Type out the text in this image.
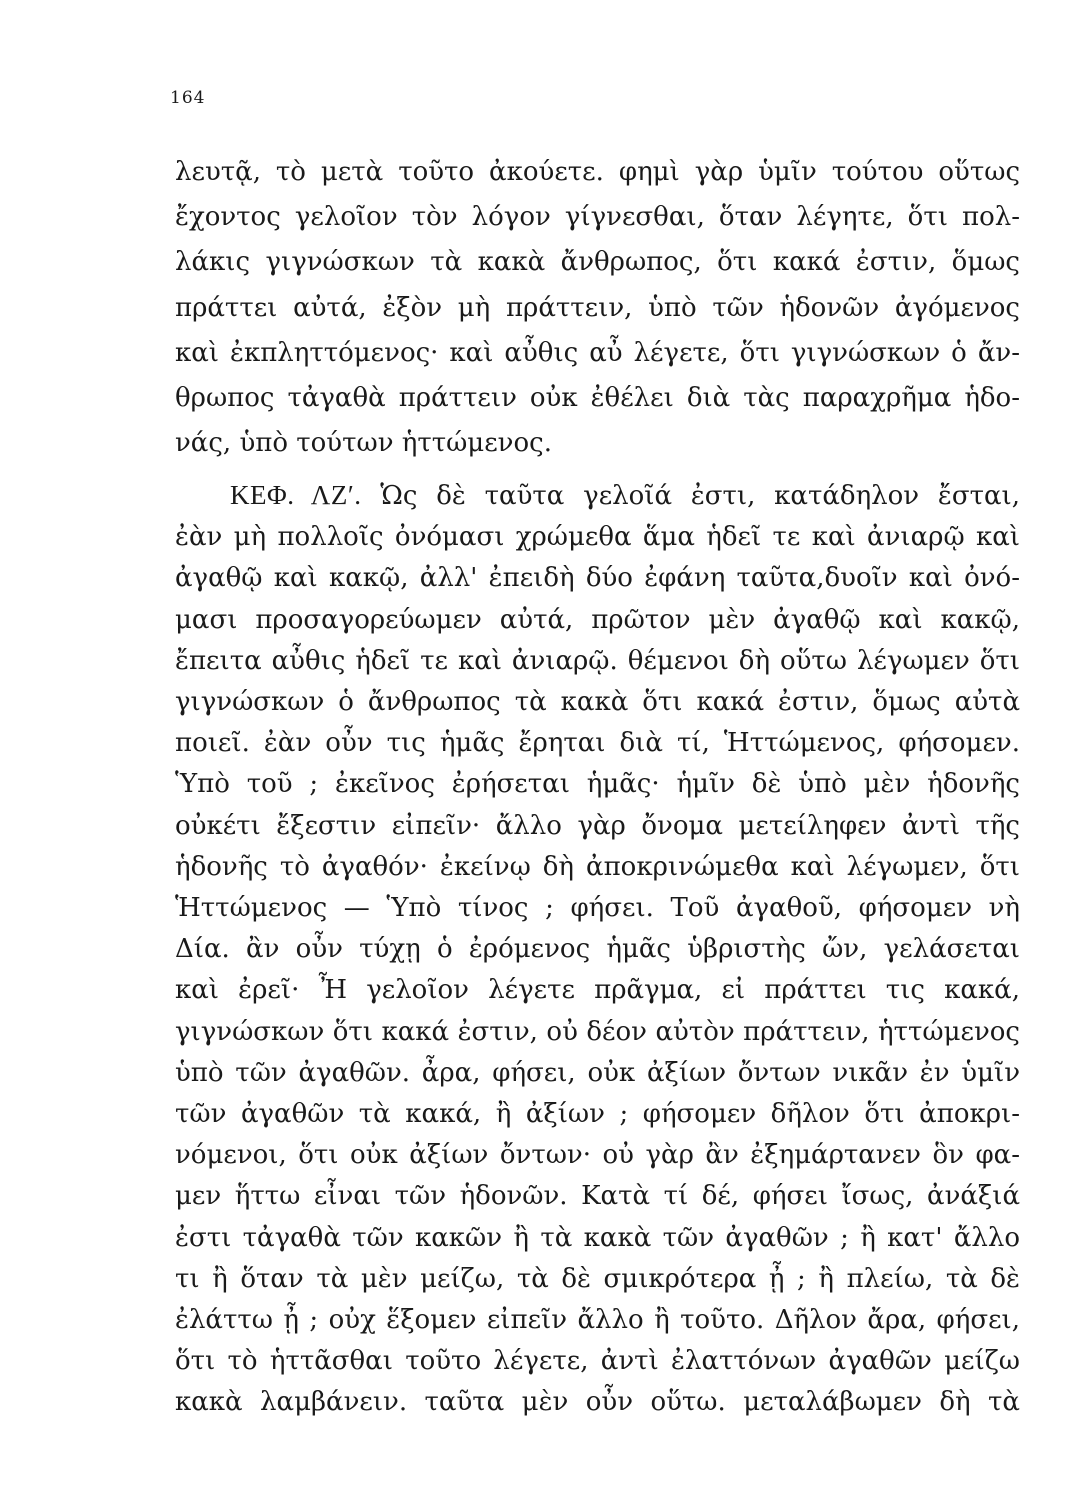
164
λευτᾷ, τὸ μετὰ τοῦτο ἀκούετε. φημὶ γὰρ ὑμῖν τούτου οὕτως
ἔχοντος γελοῖον τὸν λόγον γίγνεσθαι, ὅταν λέγητε, ὅτι πολ-
λάκις γιγνώσκων τὰ κακὰ ἄνθρωπος, ὅτι κακά ἐστιν, ὅμως
πράττει αὐτά, ἐξὸν μὴ πράττειν, ὑπὸ τῶν ἡδονῶν ἀγόμενος
καὶ ἐκπληττόμενος· καὶ αὖθις αὖ λέγετε, ὅτι γιγνώσκων ὁ ἄν-
θρωπος τἀγαθὰ πράττειν οὐκ ἐθέλει διὰ τὰς παραχρῆμα ἡδο-
νάς, ὑπὸ τούτων ἡττώμενος.
ΚΕΦ. ΛΖʹ. Ὡς δὲ ταῦτα γελοῖά ἐστι, κατάδηλον ἔσται,
ἐὰν μὴ πολλοῖς ὀνόμασι χρώμεθα ἅμα ἡδεῖ τε καὶ ἀνιαρῷ καὶ
ἀγαθῷ καὶ κακῷ, ἀλλ' ἐπειδὴ δύο ἐφάνη ταῦτα,δυοῖν καὶ ὀνό-
μασι προσαγορεύωμεν αὐτά, πρῶτον μὲν ἀγαθῷ καὶ κακῷ,
ἔπειτα αὖθις ἡδεῖ τε καὶ ἀνιαρῷ. θέμενοι δὴ οὕτω λέγωμεν ὅτι
γιγνώσκων ὁ ἄνθρωπος τὰ κακὰ ὅτι κακά ἐστιν, ὅμως αὐτὰ
ποιεῖ. ἐὰν οὖν τις ἡμᾶς ἔρηται διὰ τί, Ἡττώμενος, φήσομεν.
Ὑπὸ τοῦ ; ἐκεῖνος ἐρήσεται ἡμᾶς· ἡμῖν δὲ ὑπὸ μὲν ἡδονῆς
οὐκέτι ἔξεστιν εἰπεῖν· ἄλλο γὰρ ὄνομα μετείληφεν ἀντὶ τῆς
ἡδονῆς τὸ ἀγαθόν· ἐκείνῳ δὴ ἀποκρινώμεθα καὶ λέγωμεν, ὅτι
Ἡττώμενος — Ὑπὸ τίνος ; φήσει. Τοῦ ἀγαθοῦ, φήσομεν νὴ
Δία. ἂν οὖν τύχῃ ὁ ἐρόμενος ἡμᾶς ὑβριστὴς ὤν, γελάσεται
καὶ ἐρεῖ· Ἦ γελοῖον λέγετε πρᾶγμα, εἰ πράττει τις κακά,
γιγνώσκων ὅτι κακά ἐστιν, οὐ δέον αὐτὸν πράττειν, ἡττώμενος
ὑπὸ τῶν ἀγαθῶν. ἆρα, φήσει, οὐκ ἀξίων ὄντων νικᾶν ἐν ὑμῖν
τῶν ἀγαθῶν τὰ κακά, ἢ ἀξίων ; φήσομεν δῆλον ὅτι ἀποκρι-
νόμενοι, ὅτι οὐκ ἀξίων ὄντων· οὐ γὰρ ἂν ἐξημάρτανεν ὃν φα-
μεν ἥττω εἶναι τῶν ἡδονῶν. Κατὰ τί δέ, φήσει ἴσως, ἀνάξιά
ἐστι τἀγαθὰ τῶν κακῶν ἢ τὰ κακὰ τῶν ἀγαθῶν ; ἢ κατ' ἄλλο
τι ἢ ὅταν τὰ μὲν μείζω, τὰ δὲ σμικρότερα ᾖ ; ἢ πλείω, τὰ δὲ
ἐλάττω ᾖ ; οὐχ ἕξομεν εἰπεῖν ἄλλο ἢ τοῦτο. Δῆλον ἄρα, φήσει,
ὅτι τὸ ἡττᾶσθαι τοῦτο λέγετε, ἀντὶ ἐλαττόνων ἀγαθῶν μείζω
κακὰ λαμβάνειν. ταῦτα μὲν οὖν οὕτω. μεταλάβωμεν δὴ τὰ
